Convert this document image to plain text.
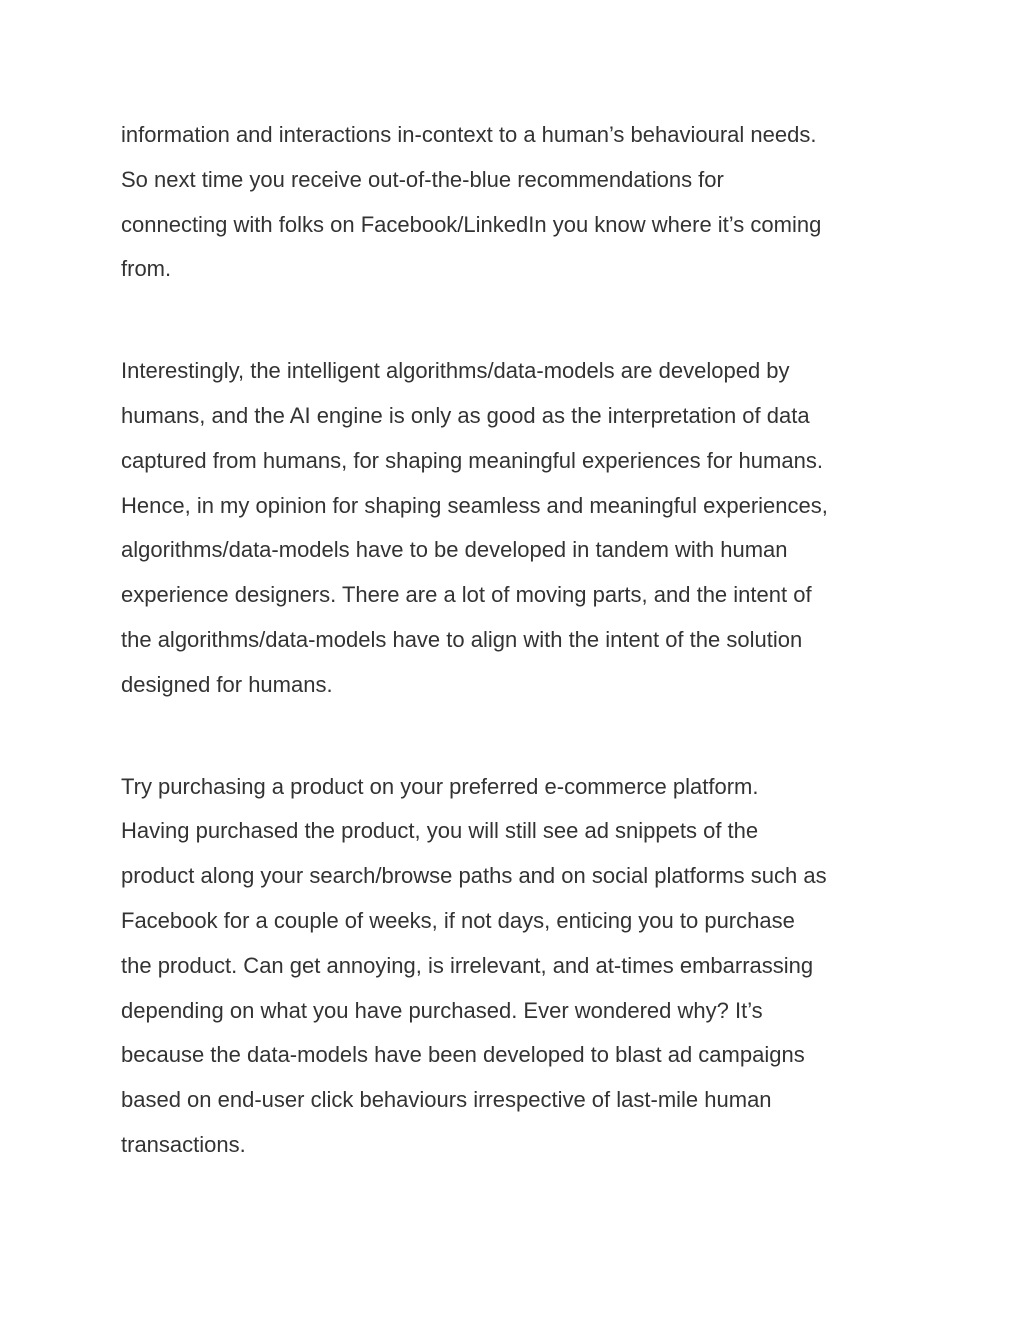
information and interactions in-context to a human’s behavioural needs.
So next time you receive out-of-the-blue recommendations for
connecting with folks on Facebook/LinkedIn you know where it’s coming
from.

Interestingly, the intelligent algorithms/data-models are developed by
humans, and the AI engine is only as good as the interpretation of data
captured from humans, for shaping meaningful experiences for humans.
Hence, in my opinion for shaping seamless and meaningful experiences,
algorithms/data-models have to be developed in tandem with human
experience designers. There are a lot of moving parts, and the intent of
the algorithms/data-models have to align with the intent of the solution
designed for humans.

Try purchasing a product on your preferred e-commerce platform.
Having purchased the product, you will still see ad snippets of the
product along your search/browse paths and on social platforms such as
Facebook for a couple of weeks, if not days, enticing you to purchase
the product. Can get annoying, is irrelevant, and at-times embarrassing
depending on what you have purchased. Ever wondered why? It’s
because the data-models have been developed to blast ad campaigns
based on end-user click behaviours irrespective of last-mile human
transactions.
